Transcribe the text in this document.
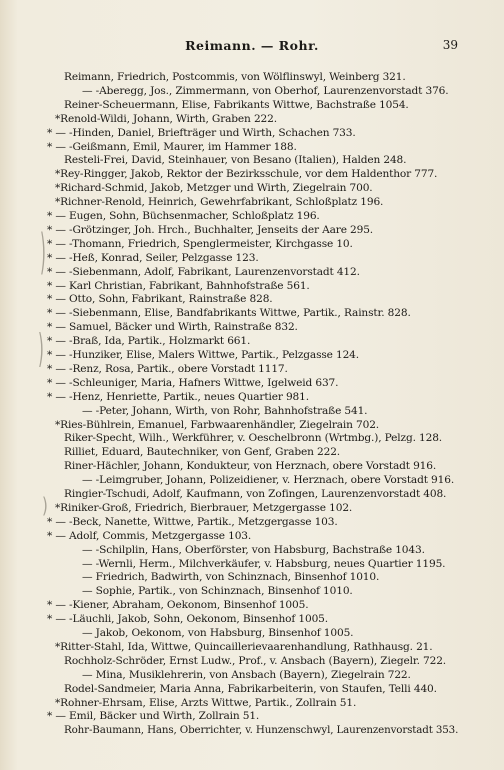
Reimann. — Rohr.	39
Reimann, Friedrich, Postcommis, von Wölflinswyl, Weinberg 321.
— -Aberegg, Jos., Zimmermann, von Oberhof, Laurenzenvorstadt 376.
Reiner-Scheuermann, Elise, Fabrikants Wittwe, Bachstraße 1054.
*Renold-Wildi, Johann, Wirth, Graben 222.
* — -Hinden, Daniel, Briefträger und Wirth, Schachen 733.
* — -Geißmann, Emil, Maurer, im Hammer 188.
Resteli-Frei, David, Steinhauer, von Besano (Italien), Halden 248.
*Rey-Ringger, Jakob, Rektor der Bezirksschule, vor dem Haldenthor 777.
*Richard-Schmid, Jakob, Metzger und Wirth, Ziegelrain 700.
*Richner-Renold, Heinrich, Gewehrfabrikant, Schloßplatz 196.
* — Eugen, Sohn, Büchsenmacher, Schloßplatz 196.
* — -Grötzinger, Joh. Hrch., Buchhalter, Jenseits der Aare 295.
* — -Thomann, Friedrich, Spenglermeister, Kirchgasse 10.
* — -Heß, Konrad, Seiler, Pelzgasse 123.
* — -Siebenmann, Adolf, Fabrikant, Laurenzenvorstadt 412.
* — Karl Christian, Fabrikant, Bahnhofstraße 561.
* — Otto, Sohn, Fabrikant, Rainstraße 828.
* — -Siebenmann, Elise, Bandfabrikants Wittwe, Partik., Rainstr. 828.
* — Samuel, Bäcker und Wirth, Rainstraße 832.
* — -Braß, Ida, Partik., Holzmarkt 661.
* — -Hunziker, Elise, Malers Wittwe, Partik., Pelzgasse 124.
* — -Renz, Rosa, Partik., obere Vorstadt 1117.
* — -Schleuniger, Maria, Hafners Wittwe, Igelweid 637.
* — -Henz, Henriette, Partik., neues Quartier 981.
— -Peter, Johann, Wirth, von Rohr, Bahnhofstraße 541.
*Ries-Bühlrein, Emanuel, Farbwaarenhändler, Ziegelrain 702.
Riker-Specht, Wilh., Werkführer, v. Oeschelbronn (Wrtmbg.), Pelzg. 128.
Rilliet, Eduard, Bautechniker, von Genf, Graben 222.
Riner-Hächler, Johann, Kondukteur, von Herznach, obere Vorstadt 916.
— -Leimgruber, Johann, Polizeidiener, v. Herznach, obere Vorstadt 916.
Ringier-Tschudi, Adolf, Kaufmann, von Zofingen, Laurenzenvorstadt 408.
*Riniker-Groß, Friedrich, Bierbrauer, Metzgergasse 102.
* — -Beck, Nanette, Wittwe, Partik., Metzgergasse 103.
* — Adolf, Commis, Metzgergasse 103.
— -Schilplin, Hans, Oberförster, von Habsburg, Bachstraße 1043.
— -Wernli, Herm., Milchverkäufer, v. Habsburg, neues Quartier 1195.
— Friedrich, Badwirth, von Schinznach, Binsenhof 1010.
— Sophie, Partik., von Schinznach, Binsenhof 1010.
* — -Kiener, Abraham, Oekonom, Binsenhof 1005.
* — -Läuchli, Jakob, Sohn, Oekonom, Binsenhof 1005.
— Jakob, Oekonom, von Habsburg, Binsenhof 1005.
*Ritter-Stahl, Ida, Wittwe, Quincaillerievaarenhandlung, Rathhausg. 21.
Rochholz-Schröder, Ernst Ludw., Prof., v. Ansbach (Bayern), Ziegelr. 722.
— Mina, Musiklehrerin, von Ansbach (Bayern), Ziegelrain 722.
Rodel-Sandmeier, Maria Anna, Fabrikarbeiterin, von Staufen, Telli 440.
*Rohner-Ehrsam, Elise, Arzts Wittwe, Partik., Zollrain 51.
* — Emil, Bäcker und Wirth, Zollrain 51.
Rohr-Baumann, Hans, Oberrichter, v. Hunzenschwyl, Laurenzenvorstadt 353.
)
)
)
